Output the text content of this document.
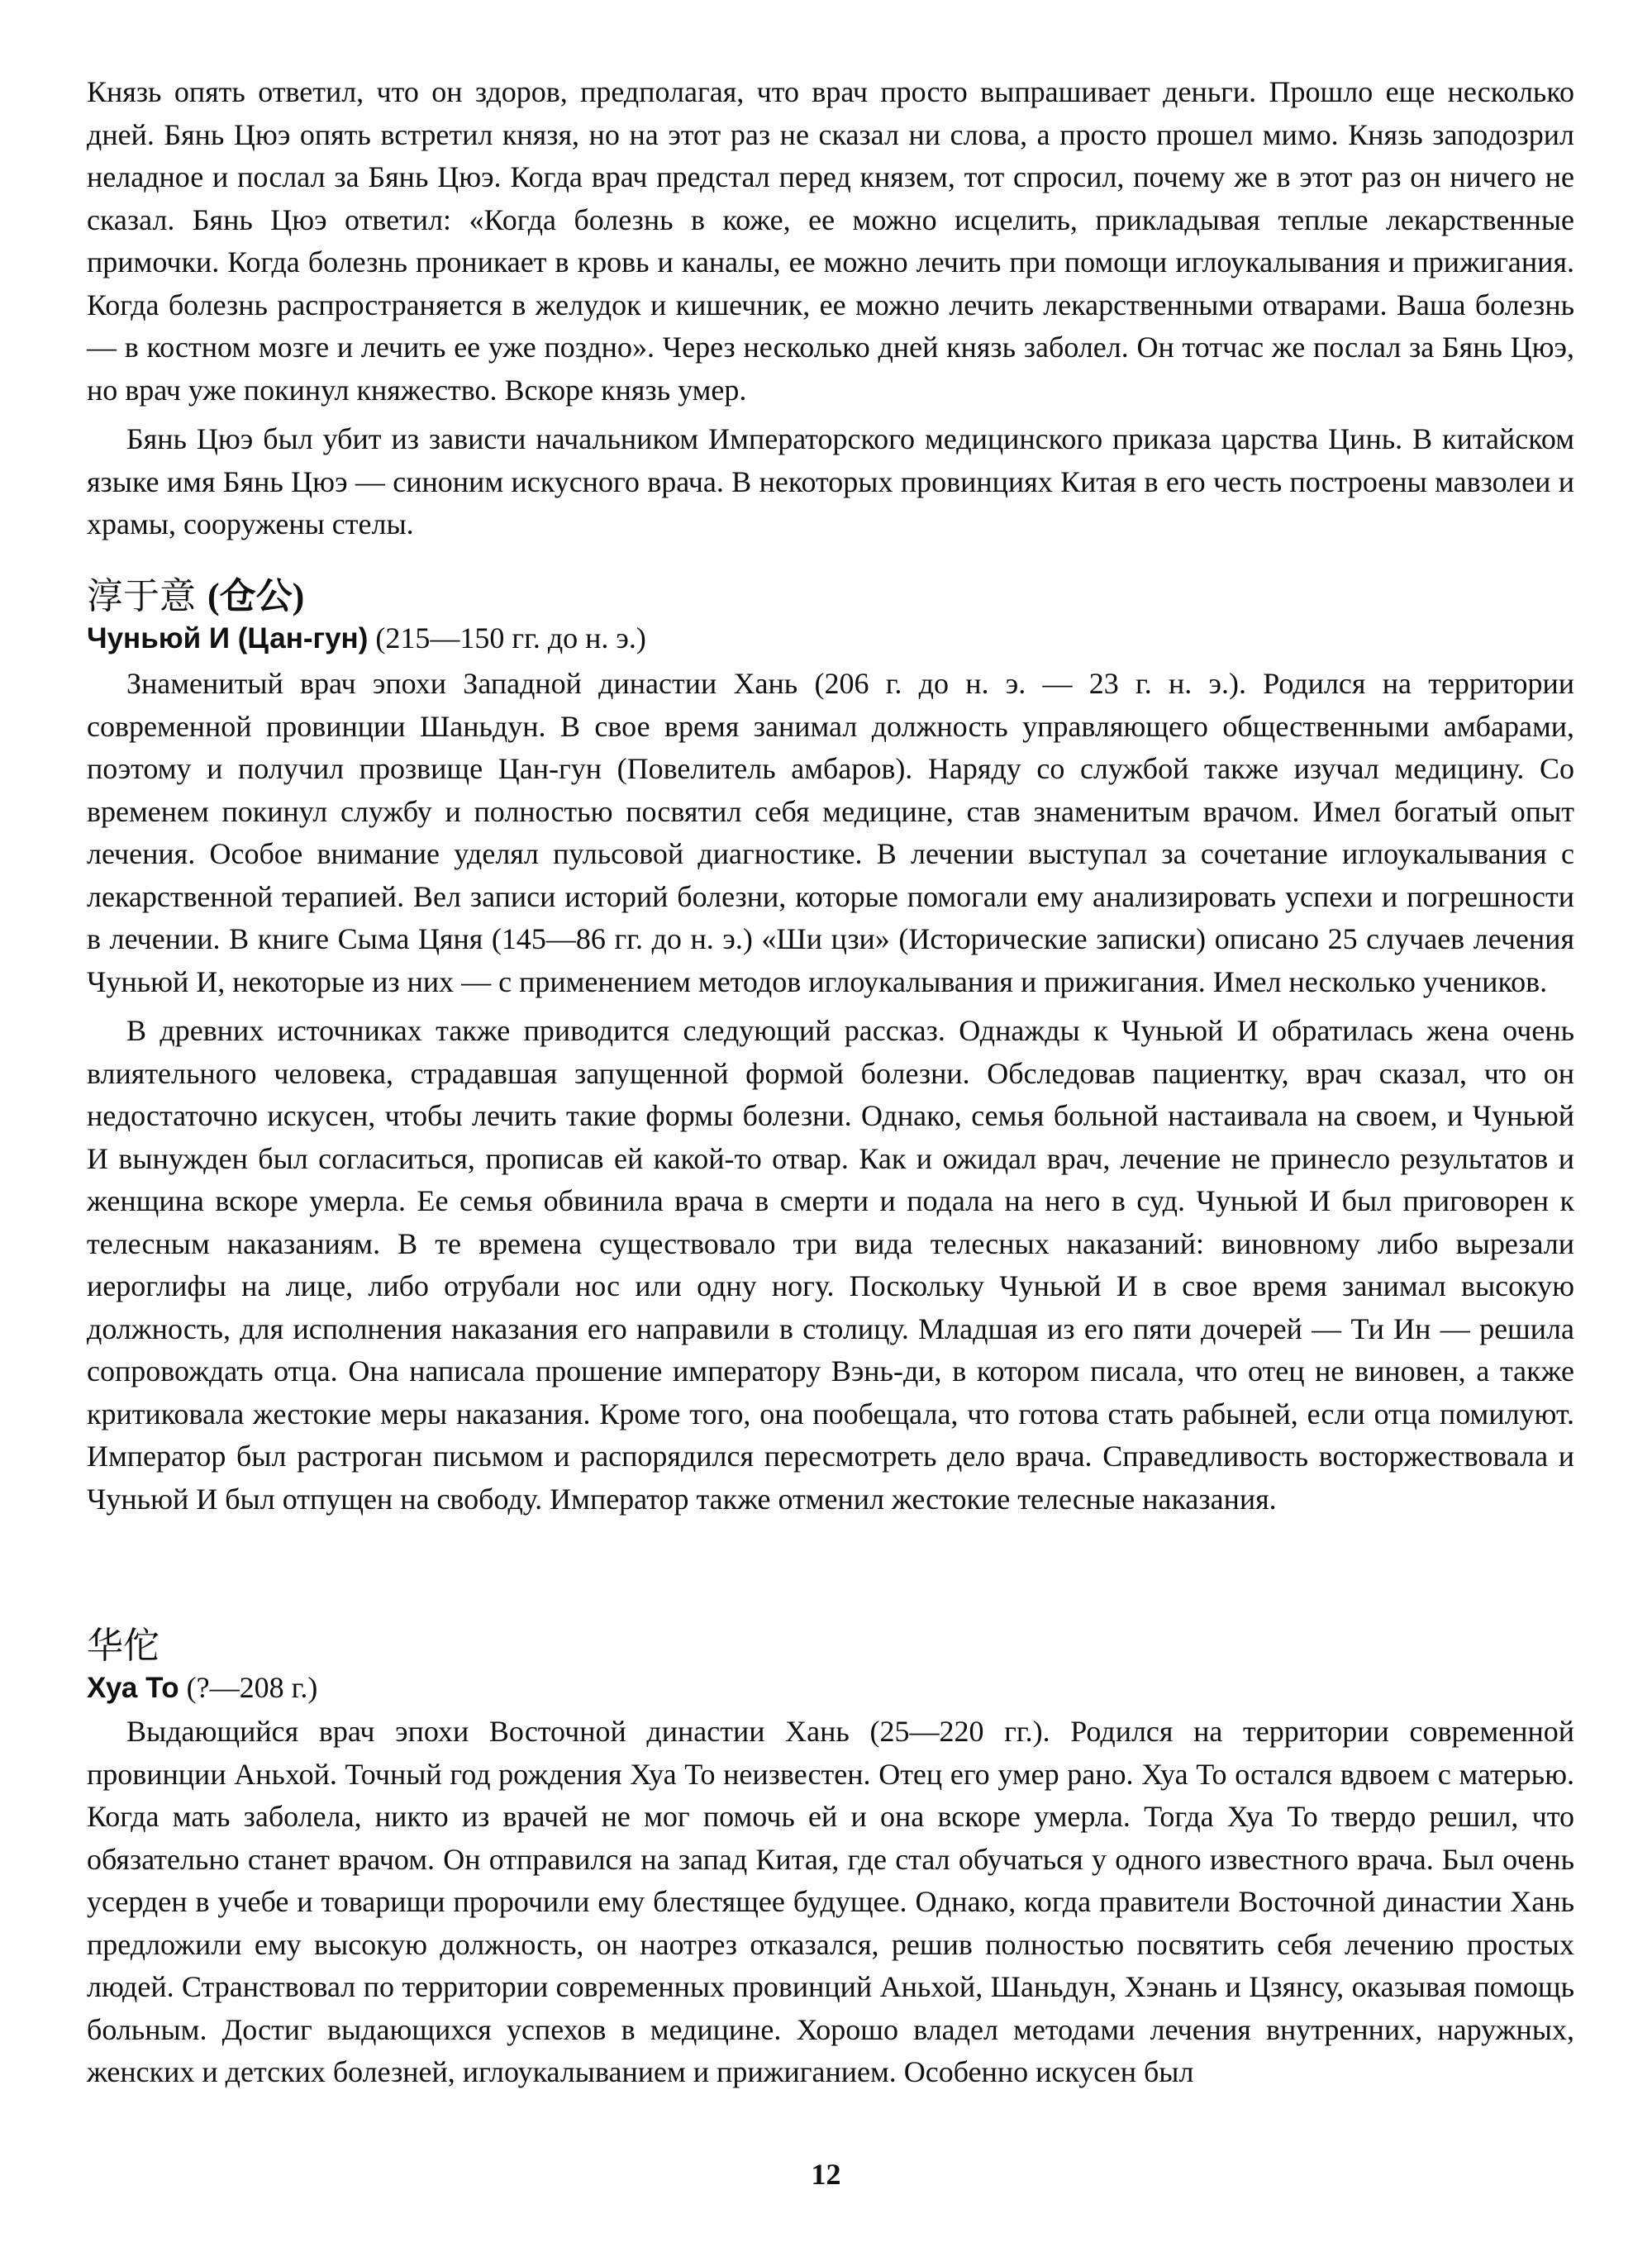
Князь опять ответил, что он здоров, предполагая, что врач просто выпрашивает деньги. Прошло еще несколько дней. Бянь Цюэ опять встретил князя, но на этот раз не сказал ни слова, а просто прошел мимо. Князь заподозрил неладное и послал за Бянь Цюэ. Когда врач предстал перед князем, тот спросил, почему же в этот раз он ничего не сказал. Бянь Цюэ ответил: «Когда болезнь в коже, ее можно исцелить, прикладывая теплые лекарственные примочки. Когда болезнь проникает в кровь и каналы, ее можно лечить при помощи иглоукалывания и прижигания. Когда болезнь распространяется в желудок и кишечник, ее можно лечить лекарственными отварами. Ваша болезнь — в костном мозге и лечить ее уже поздно». Через несколько дней князь заболел. Он тотчас же послал за Бянь Цюэ, но врач уже покинул княжество. Вскоре князь умер.

Бянь Цюэ был убит из зависти начальником Императорского медицинского приказа царства Цинь. В китайском языке имя Бянь Цюэ — синоним искусного врача. В некоторых провинциях Китая в его честь построены мавзолеи и храмы, сооружены стелы.

淳于意 (仓公)
Чуньюй И (Цан-гун) (215—150 гг. до н. э.)

Знаменитый врач эпохи Западной династии Хань (206 г. до н. э. — 23 г. н. э.). Родился на территории современной провинции Шаньдун. В свое время занимал должность управляющего общественными амбарами, поэтому и получил прозвище Цан-гун (Повелитель амбаров). Наряду со службой также изучал медицину. Со временем покинул службу и полностью посвятил себя медицине, став знаменитым врачом. Имел богатый опыт лечения. Особое внимание уделял пульсовой диагностике. В лечении выступал за сочетание иглоукалывания с лекарственной терапией. Вел записи историй болезни, которые помогали ему анализировать успехи и погрешности в лечении. В книге Сыма Цяня (145—86 гг. до н. э.) «Ши цзи» (Исторические записки) описано 25 случаев лечения Чуньюй И, некоторые из них — с применением методов иглоукалывания и прижигания. Имел несколько учеников.

В древних источниках также приводится следующий рассказ. Однажды к Чуньюй И обратилась жена очень влиятельного человека, страдавшая запущенной формой болезни. Обследовав пациентку, врач сказал, что он недостаточно искусен, чтобы лечить такие формы болезни. Однако, семья больной настаивала на своем, и Чуньюй И вынужден был согласиться, прописав ей какой-то отвар. Как и ожидал врач, лечение не принесло результатов и женщина вскоре умерла. Ее семья обвинила врача в смерти и подала на него в суд. Чуньюй И был приговорен к телесным наказаниям. В те времена существовало три вида телесных наказаний: виновному либо вырезали иероглифы на лице, либо отрубали нос или одну ногу. Поскольку Чуньюй И в свое время занимал высокую должность, для исполнения наказания его направили в столицу. Младшая из его пяти дочерей — Ти Ин — решила сопровождать отца. Она написала прошение императору Вэнь-ди, в котором писала, что отец не виновен, а также критиковала жестокие меры наказания. Кроме того, она пообещала, что готова стать рабыней, если отца помилуют. Император был растроган письмом и распорядился пересмотреть дело врача. Справедливость восторжествовала и Чуньюй И был отпущен на свободу. Император также отменил жестокие телесные наказания.

华佗
Хуа То (?—208 г.)

Выдающийся врач эпохи Восточной династии Хань (25—220 гг.). Родился на территории современной провинции Аньхой. Точный год рождения Хуа То неизвестен. Отец его умер рано. Хуа То остался вдвоем с матерью. Когда мать заболела, никто из врачей не мог помочь ей и она вскоре умерла. Тогда Хуа То твердо решил, что обязательно станет врачом. Он отправился на запад Китая, где стал обучаться у одного известного врача. Был очень усерден в учебе и товарищи пророчили ему блестящее будущее. Однако, когда правители Восточной династии Хань предложили ему высокую должность, он наотрез отказался, решив полностью посвятить себя лечению простых людей. Странствовал по территории современных провинций Аньхой, Шаньдун, Хэнань и Цзянсу, оказывая помощь больным. Достиг выдающихся успехов в медицине. Хорошо владел методами лечения внутренних, наружных, женских и детских болезней, иглоукалыванием и прижиганием. Особенно искусен был

12
